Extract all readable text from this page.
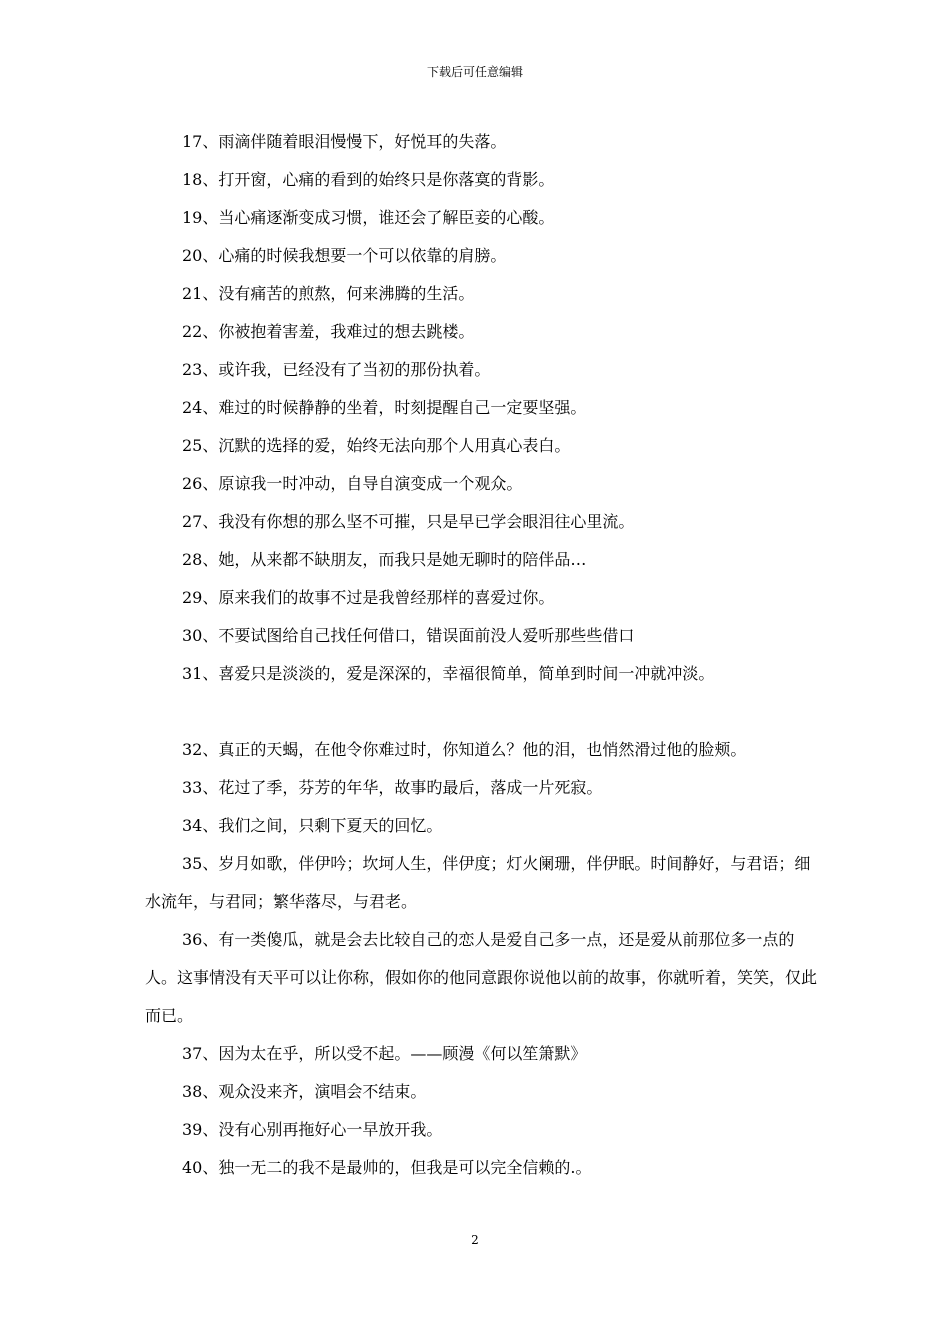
下载后可任意编辑

17、雨滴伴随着眼泪慢慢下，好悦耳的失落。

18、打开窗，心痛的看到的始终只是你落寞的背影。

19、当心痛逐渐变成习惯，谁还会了解臣妾的心酸。

20、心痛的时候我想要一个可以依靠的肩膀。

21、没有痛苦的煎熬，何来沸腾的生活。

22、你被抱着害羞，我难过的想去跳楼。

23、或许我，已经没有了当初的那份执着。

24、难过的时候静静的坐着，时刻提醒自己一定要坚强。

25、沉默的选择的爱，始终无法向那个人用真心表白。

26、原谅我一时冲动，自导自演变成一个观众。

27、我没有你想的那么坚不可摧，只是早已学会眼泪往心里流。

28、她，从来都不缺朋友，而我只是她无聊时的陪伴品…

29、原来我们的故事不过是我曾经那样的喜爱过你。

30、不要试图给自己找任何借口，错误面前没人爱听那些些借口

31、喜爱只是淡淡的，爱是深深的，幸福很简单，简单到时间一冲就冲淡。

32、真正的天蝎，在他令你难过时，你知道么？他的泪，也悄然滑过他的脸颊。

33、花过了季，芬芳的年华，故事旳最后，落成一片死寂。

34、我们之间，只剩下夏天的回忆。

35、岁月如歌，伴伊吟；坎坷人生，伴伊度；灯火阑珊，伴伊眠。时间静好，与君语；细水流年，与君同；繁华落尽，与君老。

36、有一类傻瓜，就是会去比较自己的恋人是爱自己多一点，还是爱从前那位多一点的人。这事情没有天平可以让你称，假如你的他同意跟你说他以前的故事，你就听着，笑笑，仅此而已。

37、因为太在乎，所以受不起。——顾漫《何以笙箫默》

38、观众没来齐，演唱会不结束。

39、没有心别再拖好心一早放开我。

40、独一无二的我不是最帅的，但我是可以完全信赖的.。

2
